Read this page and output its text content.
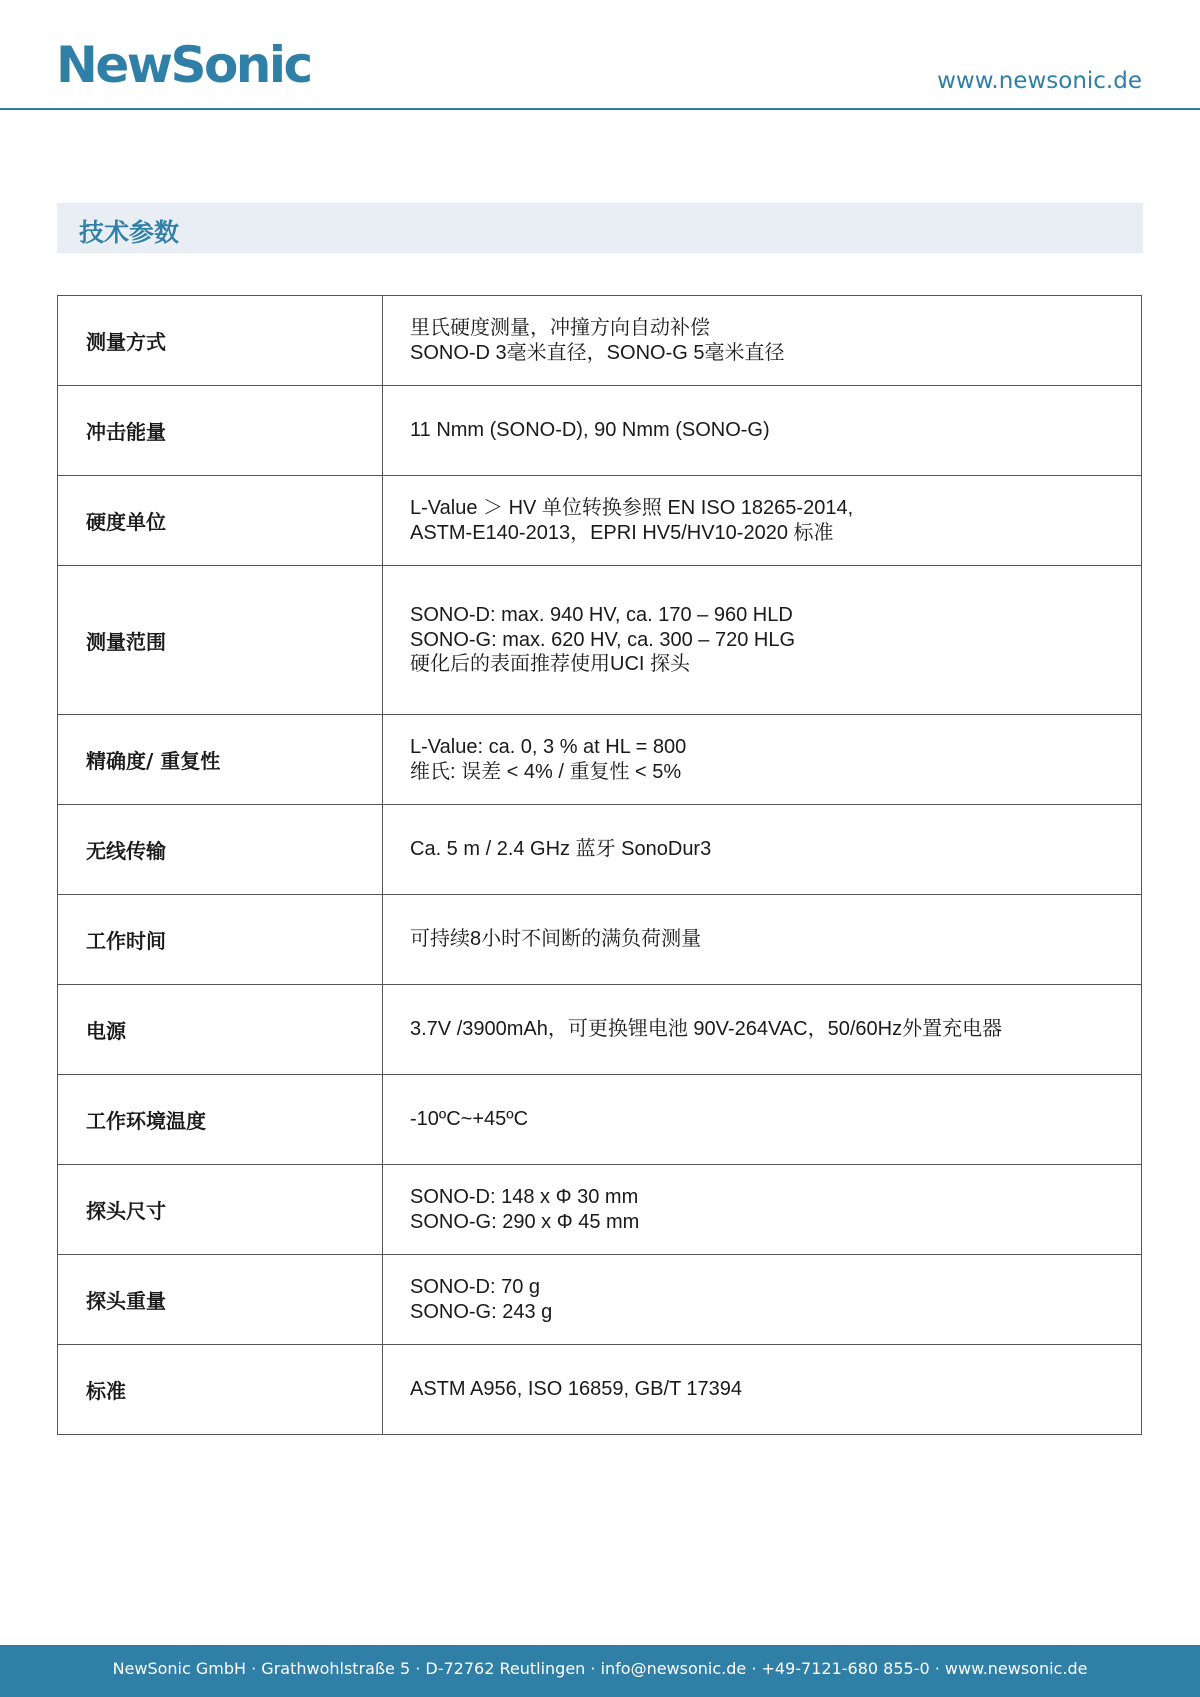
NewSonic	www.newsonic.de
技术参数
测量方式	里氏硬度测量，冲撞方向自动补偿
SONO-D 3毫米直径，SONO-G 5毫米直径

冲击能量	11 Nmm (SONO-D), 90 Nmm (SONO-G)

硬度单位	L-Value ＞ HV 单位转换参照 EN ISO 18265-2014,
ASTM-E140-2013，EPRI HV5/HV10-2020 标准

测量范围	SONO-D: max. 940 HV, ca. 170 – 960 HLD
SONO-G: max. 620 HV, ca. 300 – 720 HLG
硬化后的表面推荐使用UCI 探头

精确度/ 重复性	L-Value: ca. 0, 3 % at HL = 800
维氏: 误差 < 4% / 重复性 < 5%

无线传输	Ca. 5 m / 2.4 GHz 蓝牙 SonoDur3

工作时间	可持续8小时不间断的满负荷测量

电源	3.7V /3900mAh，可更换锂电池 90V-264VAC，50/60Hz外置充电器

工作环境温度	-10ºC~+45ºC

探头尺寸	SONO-D: 148 x Φ 30 mm
SONO-G: 290 x Φ 45 mm

探头重量	SONO-D: 70 g
SONO-G: 243 g

标准	ASTM A956, ISO 16859, GB/T 17394
NewSonic GmbH · Grathwohlstraße 5 · D-72762 Reutlingen · info@newsonic.de · +49-7121-680 855-0 · www.newsonic.de
